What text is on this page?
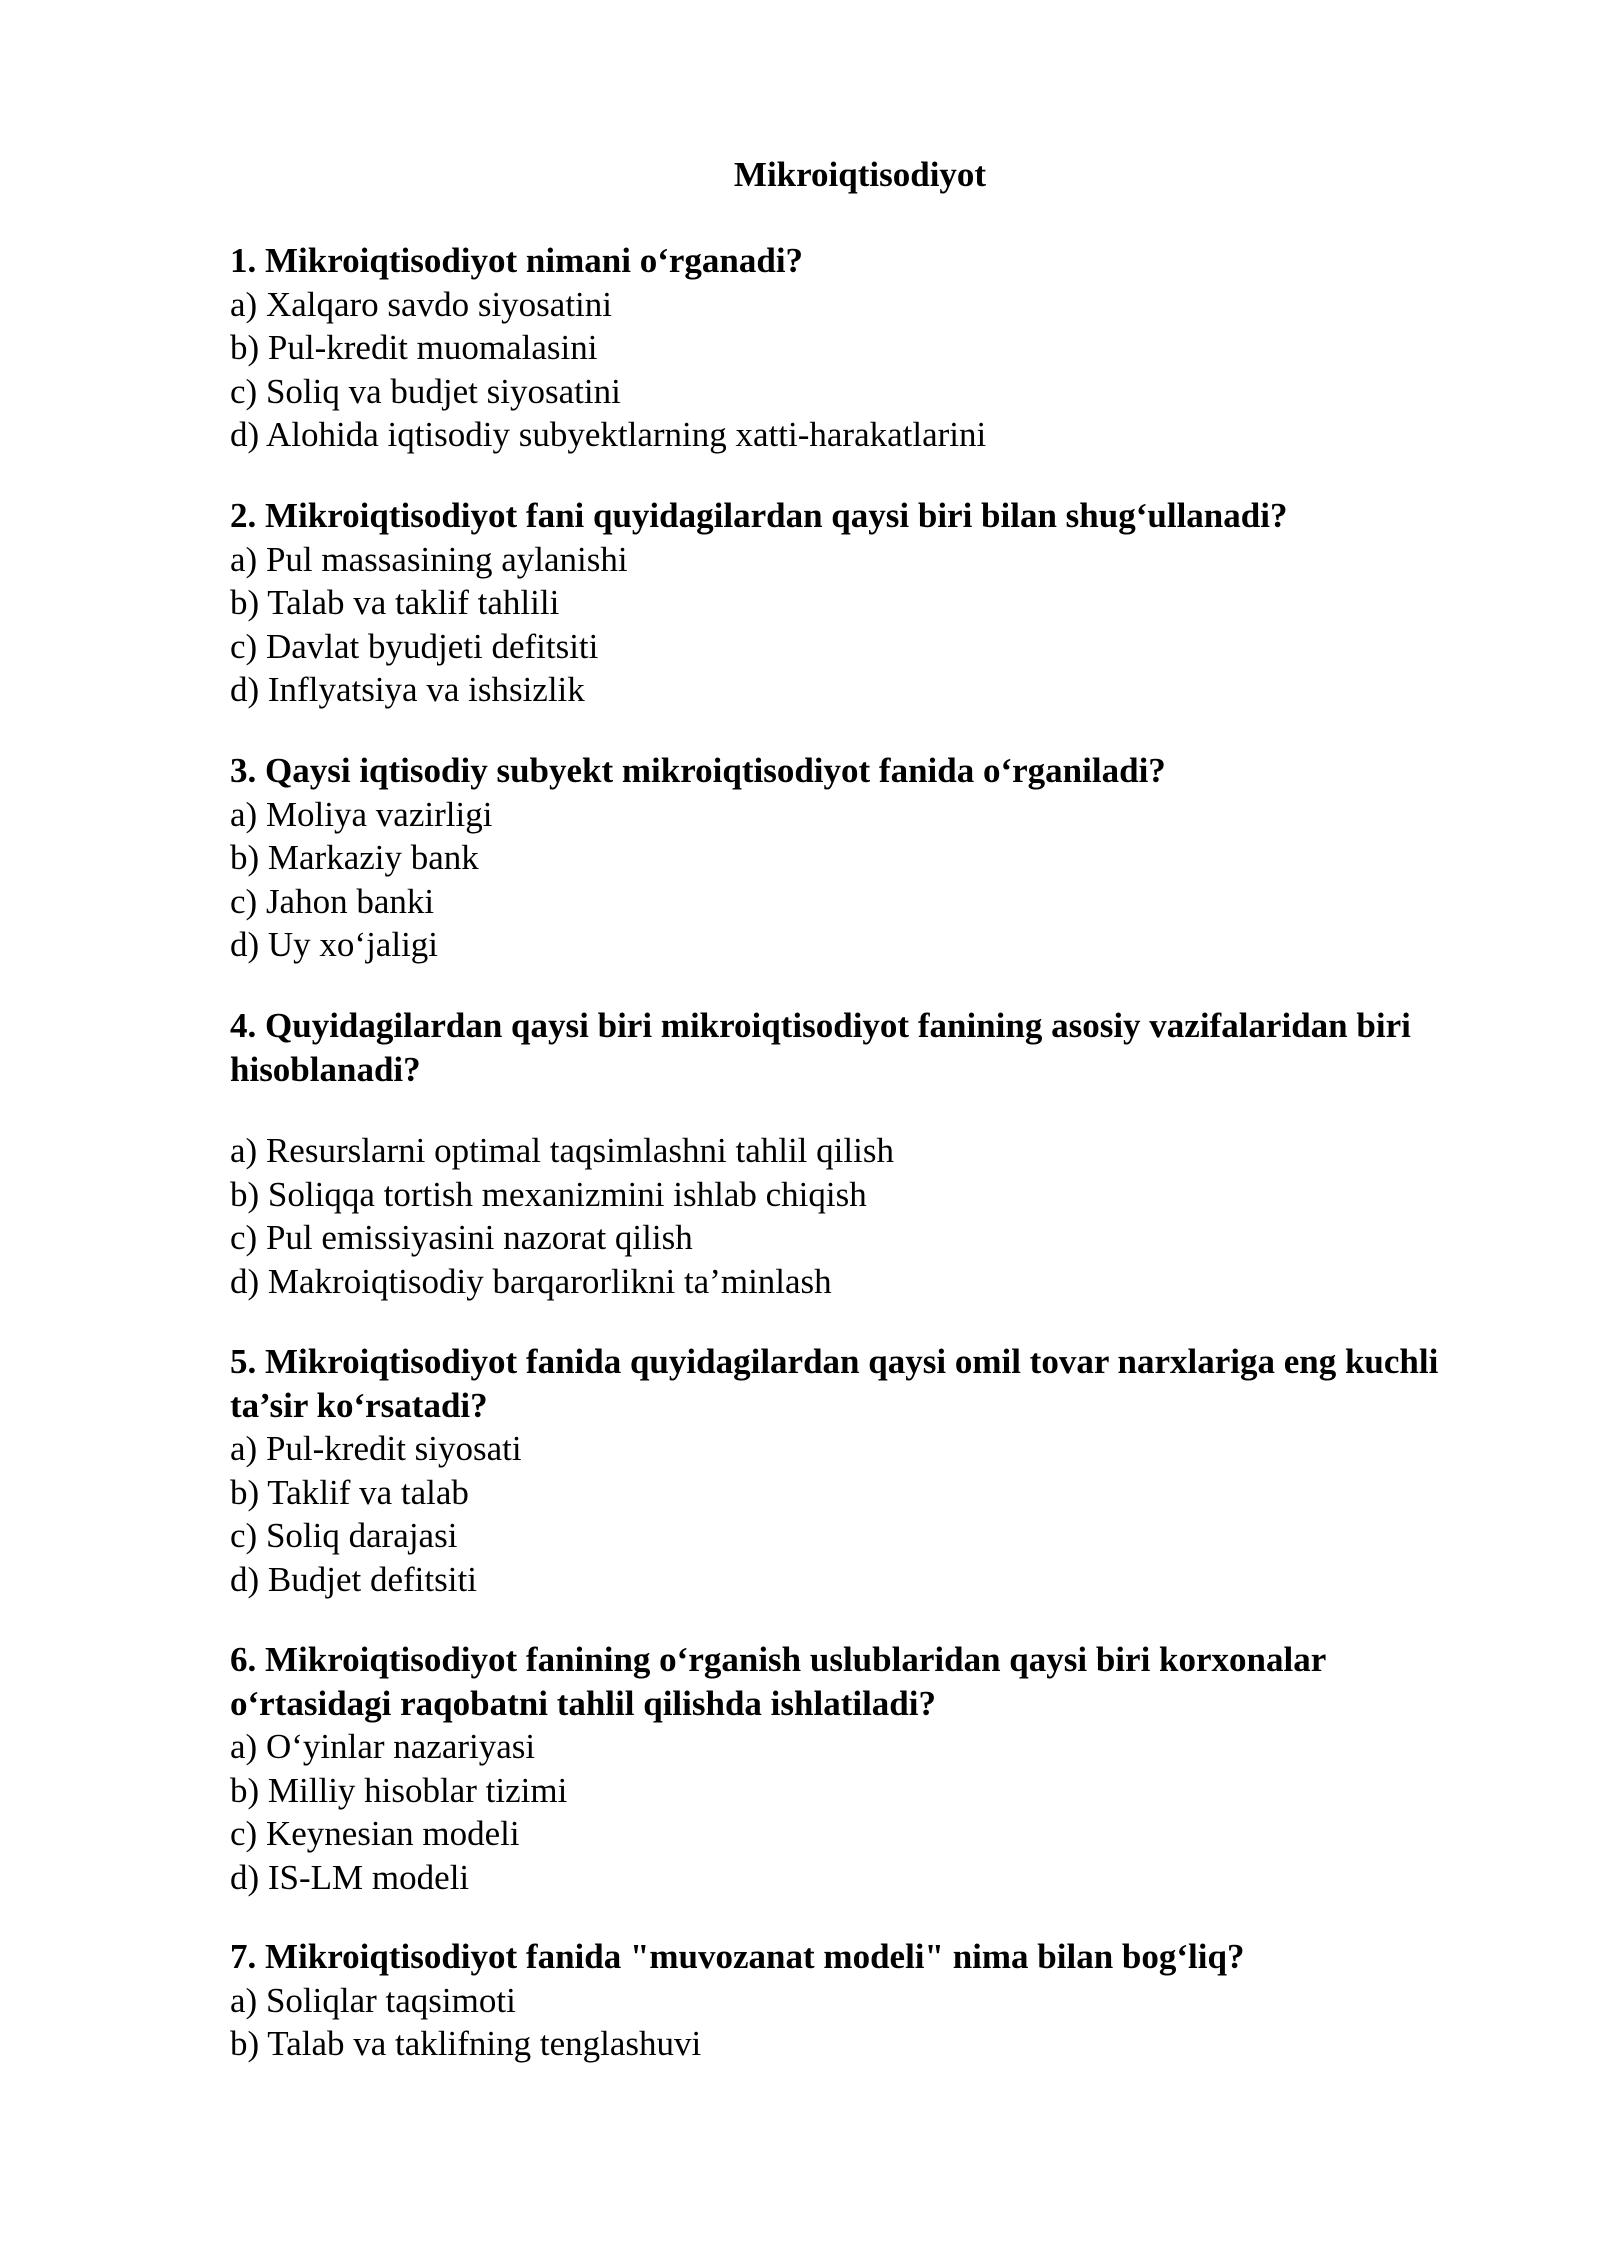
Mikroiqtisodiyot

1. Mikroiqtisodiyot nimani o‘rganadi?

a) Xalqaro savdo siyosatini
b) Pul-kredit muomalasini
c) Soliq va budjet siyosatini
d) Alohida iqtisodiy subyektlarning xatti-harakatlarini

2. Mikroiqtisodiyot fani quyidagilardan qaysi biri bilan shug‘ullanadi?

a) Pul massasining aylanishi
b) Talab va taklif tahlili
c) Davlat byudjeti defitsiti
d) Inflyatsiya va ishsizlik

3. Qaysi iqtisodiy subyekt mikroiqtisodiyot fanida o‘rganiladi?

a) Moliya vazirligi
b) Markaziy bank
c) Jahon banki
d) Uy xo‘jaligi

4. Quyidagilardan qaysi biri mikroiqtisodiyot fanining asosiy vazifalaridan biri hisoblanadi?

a) Resurslarni optimal taqsimlashni tahlil qilish
b) Soliqqa tortish mexanizmini ishlab chiqish
c) Pul emissiyasini nazorat qilish
d) Makroiqtisodiy barqarorlikni ta’minlash

5. Mikroiqtisodiyot fanida quyidagilardan qaysi omil tovar narxlariga eng kuchli ta’sir ko‘rsatadi?

a) Pul-kredit siyosati
b) Taklif va talab
c) Soliq darajasi
d) Budjet defitsiti

6. Mikroiqtisodiyot fanining o‘rganish uslublaridan qaysi biri korxonalar o‘rtasidagi raqobatni tahlil qilishda ishlatiladi?

a) O‘yinlar nazariyasi
b) Milliy hisoblar tizimi
c) Keynesian modeli
d) IS-LM modeli

7. Mikroiqtisodiyot fanida "muvozanat modeli" nima bilan bog‘liq?

a) Soliqlar taqsimoti
b) Talab va taklifning tenglashuvi
